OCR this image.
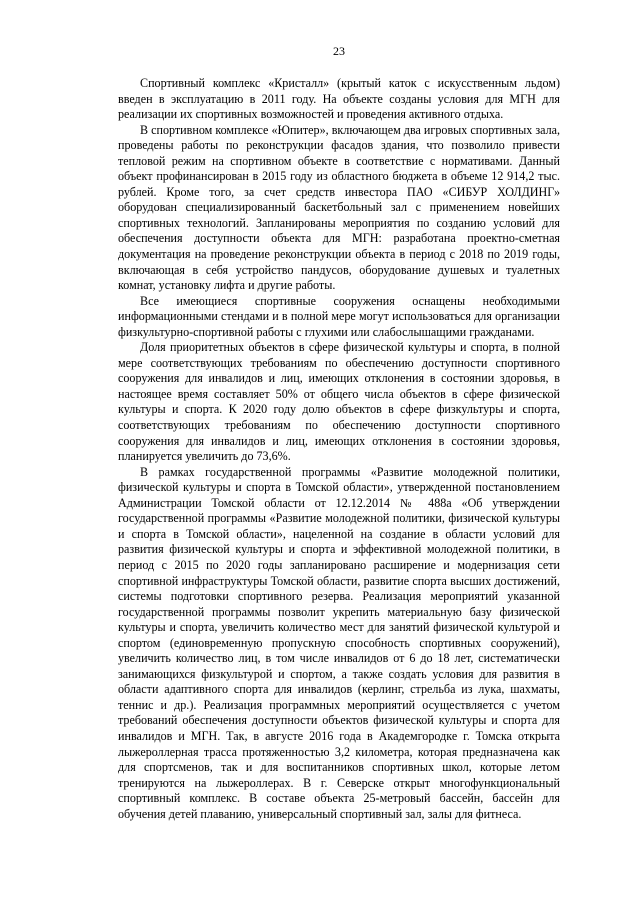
23

Спортивный комплекс «Кристалл» (крытый каток с искусственным льдом) введен в эксплуатацию в 2011 году. На объекте созданы условия для МГН для реализации их спортивных возможностей и проведения активного отдыха.

В спортивном комплексе «Юпитер», включающем два игровых спортивных зала, проведены работы по реконструкции фасадов здания, что позволило привести тепловой режим на спортивном объекте в соответствие с нормативами. Данный объект профинансирован в 2015 году из областного бюджета в объеме 12 914,2 тыс. рублей. Кроме того, за счет средств инвестора ПАО «СИБУР ХОЛДИНГ» оборудован специализированный баскетбольный зал с применением новейших спортивных технологий. Запланированы мероприятия по созданию условий для обеспечения доступности объекта для МГН: разработана проектно-сметная документация на проведение реконструкции объекта в период с 2018 по 2019 годы, включающая в себя устройство пандусов, оборудование душевых и туалетных комнат, установку лифта и другие работы.

Все имеющиеся спортивные сооружения оснащены необходимыми информационными стендами и в полной мере могут использоваться для организации физкультурно-спортивной работы с глухими или слабослышащими гражданами.

Доля приоритетных объектов в сфере физической культуры и спорта, в полной мере соответствующих требованиям по обеспечению доступности спортивного сооружения для инвалидов и лиц, имеющих отклонения в состоянии здоровья, в настоящее время составляет 50% от общего числа объектов в сфере физической культуры и спорта. К 2020 году долю объектов в сфере физкультуры и спорта, соответствующих требованиям по обеспечению доступности спортивного сооружения для инвалидов и лиц, имеющих отклонения в состоянии здоровья, планируется увеличить до 73,6%.

В рамках государственной программы «Развитие молодежной политики, физической культуры и спорта в Томской области», утвержденной постановлением Администрации Томской области от 12.12.2014 № 488а «Об утверждении государственной программы «Развитие молодежной политики, физической культуры и спорта в Томской области», нацеленной на создание в области условий для развития физической культуры и спорта и эффективной молодежной политики, в период с 2015 по 2020 годы запланировано расширение и модернизация сети спортивной инфраструктуры Томской области, развитие спорта высших достижений, системы подготовки спортивного резерва. Реализация мероприятий указанной государственной программы позволит укрепить материальную базу физической культуры и спорта, увеличить количество мест для занятий физической культурой и спортом (единовременную пропускную способность спортивных сооружений), увеличить количество лиц, в том числе инвалидов от 6 до 18 лет, систематически занимающихся физкультурой и спортом, а также создать условия для развития в области адаптивного спорта для инвалидов (керлинг, стрельба из лука, шахматы, теннис и др.). Реализация программных мероприятий осуществляется с учетом требований обеспечения доступности объектов физической культуры и спорта для инвалидов и МГН. Так, в августе 2016 года в Академгородке г. Томска открыта лыжероллерная трасса протяженностью 3,2 километра, которая предназначена как для спортсменов, так и для воспитанников спортивных школ, которые летом тренируются на лыжероллерах. В г. Северске открыт многофункциональный спортивный комплекс. В составе объекта 25-метровый бассейн, бассейн для обучения детей плаванию, универсальный спортивный зал, залы для фитнеса.
